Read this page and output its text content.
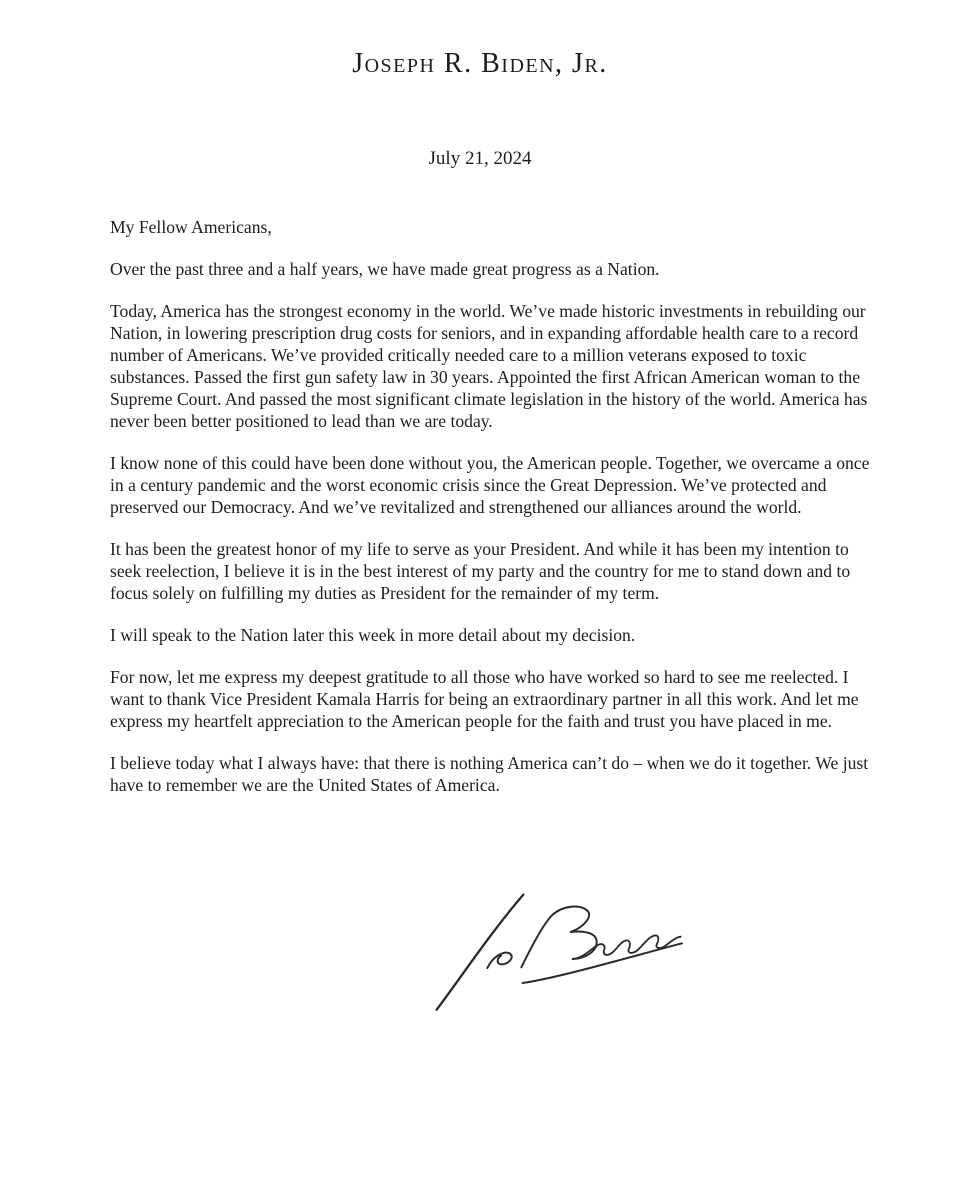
Joseph R. Biden, Jr.
July 21, 2024

My Fellow Americans,

Over the past three and a half years, we have made great progress as a Nation.

Today, America has the strongest economy in the world. We’ve made historic investments in rebuilding our Nation, in lowering prescription drug costs for seniors, and in expanding affordable health care to a record number of Americans. We’ve provided critically needed care to a million veterans exposed to toxic substances. Passed the first gun safety law in 30 years. Appointed the first African American woman to the Supreme Court. And passed the most significant climate legislation in the history of the world. America has never been better positioned to lead than we are today.

I know none of this could have been done without you, the American people. Together, we overcame a once in a century pandemic and the worst economic crisis since the Great Depression. We’ve protected and preserved our Democracy. And we’ve revitalized and strengthened our alliances around the world.

It has been the greatest honor of my life to serve as your President. And while it has been my intention to seek reelection, I believe it is in the best interest of my party and the country for me to stand down and to focus solely on fulfilling my duties as President for the remainder of my term.

I will speak to the Nation later this week in more detail about my decision.

For now, let me express my deepest gratitude to all those who have worked so hard to see me reelected. I want to thank Vice President Kamala Harris for being an extraordinary partner in all this work. And let me express my heartfelt appreciation to the American people for the faith and trust you have placed in me.

I believe today what I always have: that there is nothing America can’t do – when we do it together. We just have to remember we are the United States of America.
